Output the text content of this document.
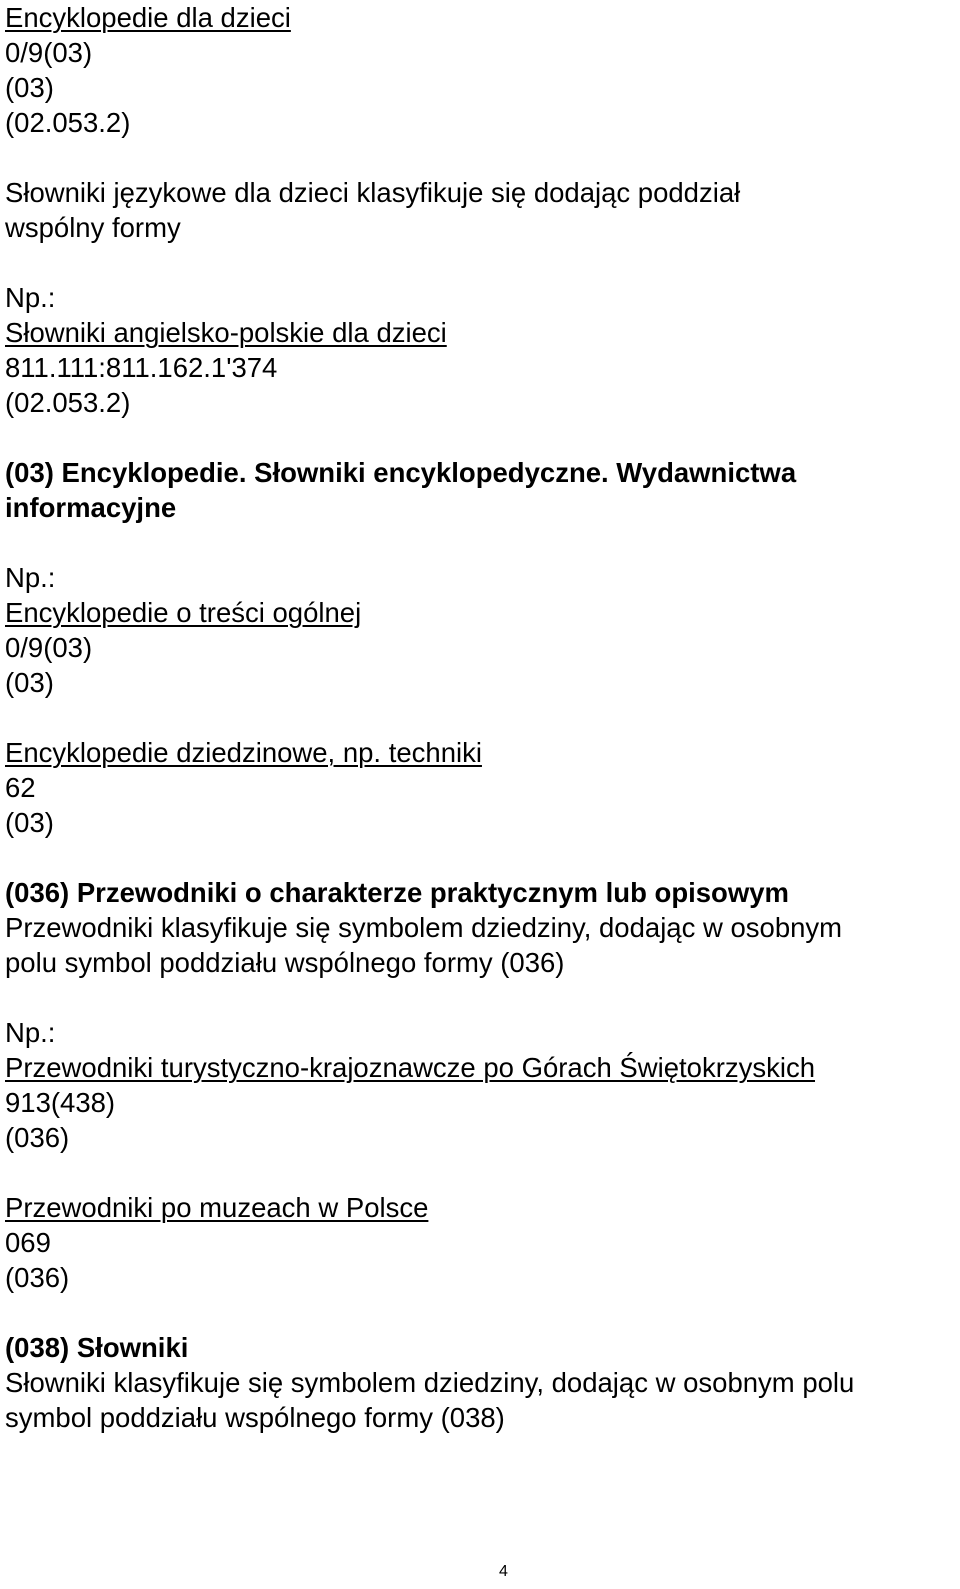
Encyklopedie dla dzieci
0/9(03)
(03)
(02.053.2)
Słowniki językowe dla dzieci klasyfikuje się dodając poddział
wspólny formy
Np.:
Słowniki angielsko-polskie dla dzieci
811.111:811.162.1'374
(02.053.2)
(03) Encyklopedie. Słowniki encyklopedyczne. Wydawnictwa
informacyjne
Np.:
Encyklopedie o treści ogólnej
0/9(03)
(03)
Encyklopedie dziedzinowe, np. techniki
62
(03)
(036) Przewodniki o charakterze praktycznym lub opisowym
Przewodniki klasyfikuje się symbolem dziedziny, dodając w osobnym
polu symbol poddziału wspólnego formy (036)
Np.:
Przewodniki turystyczno-krajoznawcze po Górach Świętokrzyskich
913(438)
(036)
Przewodniki po muzeach w Polsce
069
(036)
(038) Słowniki
Słowniki klasyfikuje się symbolem dziedziny, dodając w osobnym polu
symbol poddziału wspólnego formy (038)
4
